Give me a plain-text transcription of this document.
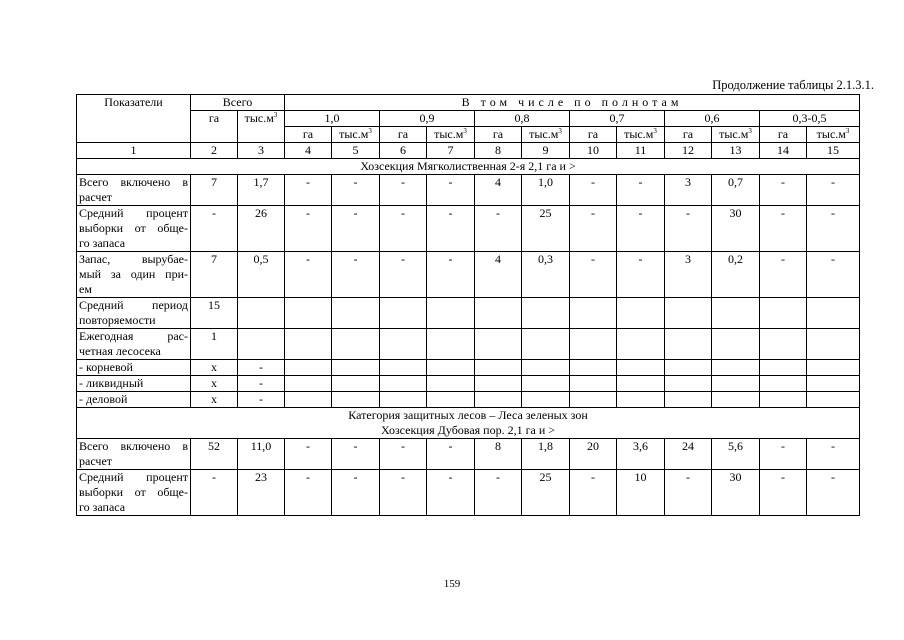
Продолжение таблицы 2.1.3.1.
Показатели	Всего		В том числе по полнотам											
	га	$тыс.м^3$	1,0		0,9		0,8		0,7		0,6		0,3-0,5	
			га	$тыс.м^3$	га	$тыс.м^3$	га	$тыс.м^3$	га	$тыс.м^3$	га	$тыс.м^3$	га	$тыс.м^3$
1	2	3	4	5	6	7	8	9	10	11	12	13	14	15
Хозсекция Мягколиственная 2-я 2,1 га и >														

Всего включено в
расчет	7	1,7	-	-	-	-	4	1,0	-	-	3	0,7	-	-

Средний процент
выборки от обще-
го запаса	-	26	-	-	-	-	-	25	-	-	-	30	-	-

Запас, вырубае-
мый за один при-
ем	7	0,5	-	-	-	-	4	0,3	-	-	3	0,2	-	-

Средний период
повторяемости	15													

Ежегодная рас-
четная лесосека	1													

- корневой	х	-												

- ликвидный	х	-												

- деловой	х	-												

Категория защитных лесов – Леса зеленых зон
Хозсекция Дубовая пор. 2,1 га и >														

Всего включено в
расчет	52	11,0	-	-	-	-	8	1,8	20	3,6	24	5,6	-	-

Средний процент
выборки от обще-
го запаса	-	23	-	-	-	-	-	25	-	10	-	30	-	-
159
